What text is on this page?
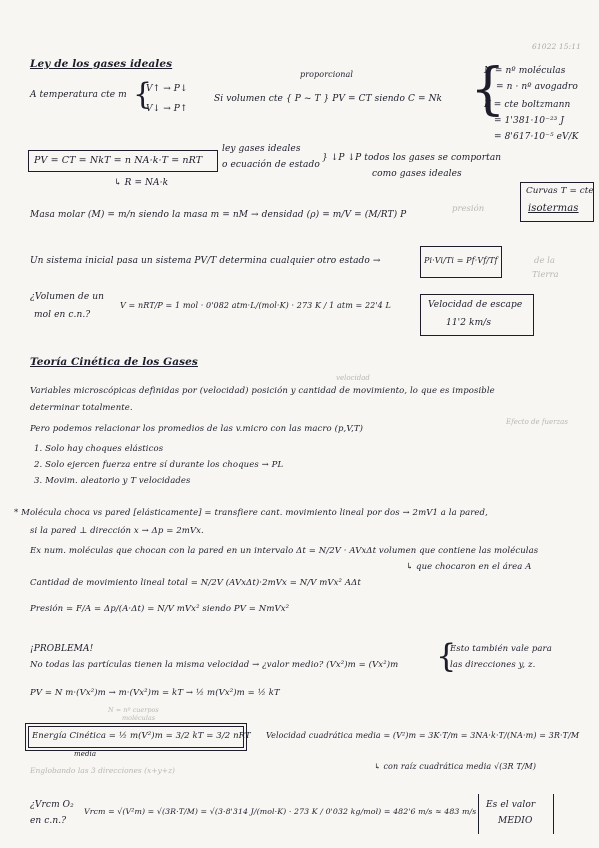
61022 15:11
Ley de los gases ideales
proporcional
A temperatura cte m {
V↑ → P↓
V↓ → P↑
Si volumen cte { P ~ T } PV = CT siendo C = Nk {
N = nº moléculas
= n · nº avogadro
K = cte boltzmann
= 1'381·10⁻²³ J
= 8'617·10⁻⁵ eV/K
PV = CT = NkT = n NA·k·T = nRT
↳ R = NA·k
ley gases ideales
o ecuación de estado
} ↓P ↓P todos los gases se comportan
como gases ideales
Curvas T = cte
isotermas
Masa molar (M) = m/n siendo la masa m = nM → densidad (ρ) = m/V = (M/RT) P
presión
Un sistema inicial pasa un sistema PV/T determina cualquier otro estado →	Pi·Vi/Ti = Pf·Vf/Tf	de la
Tierra
¿Volumen de un
mol en c.n.?
V = nRT/P = 1 mol · 0'082 atm·L/(mol·K) · 273 K / 1 atm = 22'4 L	Velocidad de escape
11'2 km/s
Teoría Cinética de los Gases
velocidad
Variables microscópicas definidas por (velocidad) posición y cantidad de movimiento, lo que es imposible
determinar totalmente.
Efecto de fuerzas
Pero podemos relacionar los promedios de las v.micro con las macro (p,V,T)
1. Solo hay choques elásticos
2. Solo ejercen fuerza entre sí durante los choques → PL
3. Movim. aleatorio y T velocidades
* Molécula choca vs pared [elásticamente] = transfiere cant. movimiento lineal por dos → 2mV1 a la pared,
si la pared ⊥ dirección x → Δp = 2mVx.
Ex num. moléculas que chocan con la pared en un intervalo Δt = N/2V · AVxΔt volumen que contiene las moléculas
↳ que chocaron en el área A
Cantidad de movimiento lineal total = N/2V (AVxΔt)·2mVx = N/V mVx² AΔt
Presión = F/A = Δp/(A·Δt) = N/V mVx² siendo PV = NmVx²
¡PROBLEMA!
No todas las partículas tienen la misma velocidad → ¿valor medio? (Vx²)m = (Vx²)m {
Esto también vale para
las direcciones y, z.
PV = N m·(Vx²)m → m·(Vx²)m = kT → ½ m(Vx²)m = ½ kT
N = nº cuerpos
moléculas
Energía Cinética = ½ m(V²)m = 3/2 kT = 3/2 nRT
media
Velocidad cuadrática media = (V²)m = 3K·T/m = 3NA·k·T/(NA·m) = 3R·T/M
↳ con raíz cuadrática media √(3R T/M)
Englobando las 3 direcciones (x+y+z)
¿Vrcm O₂
en c.n.?
Vrcm = √(V²m) = √(3R·T/M) = √(3·8'314 J/(mol·K) · 273 K / 0'032 kg/mol) = 482'6 m/s ≈ 483 m/s
Es el valor
MEDIO
